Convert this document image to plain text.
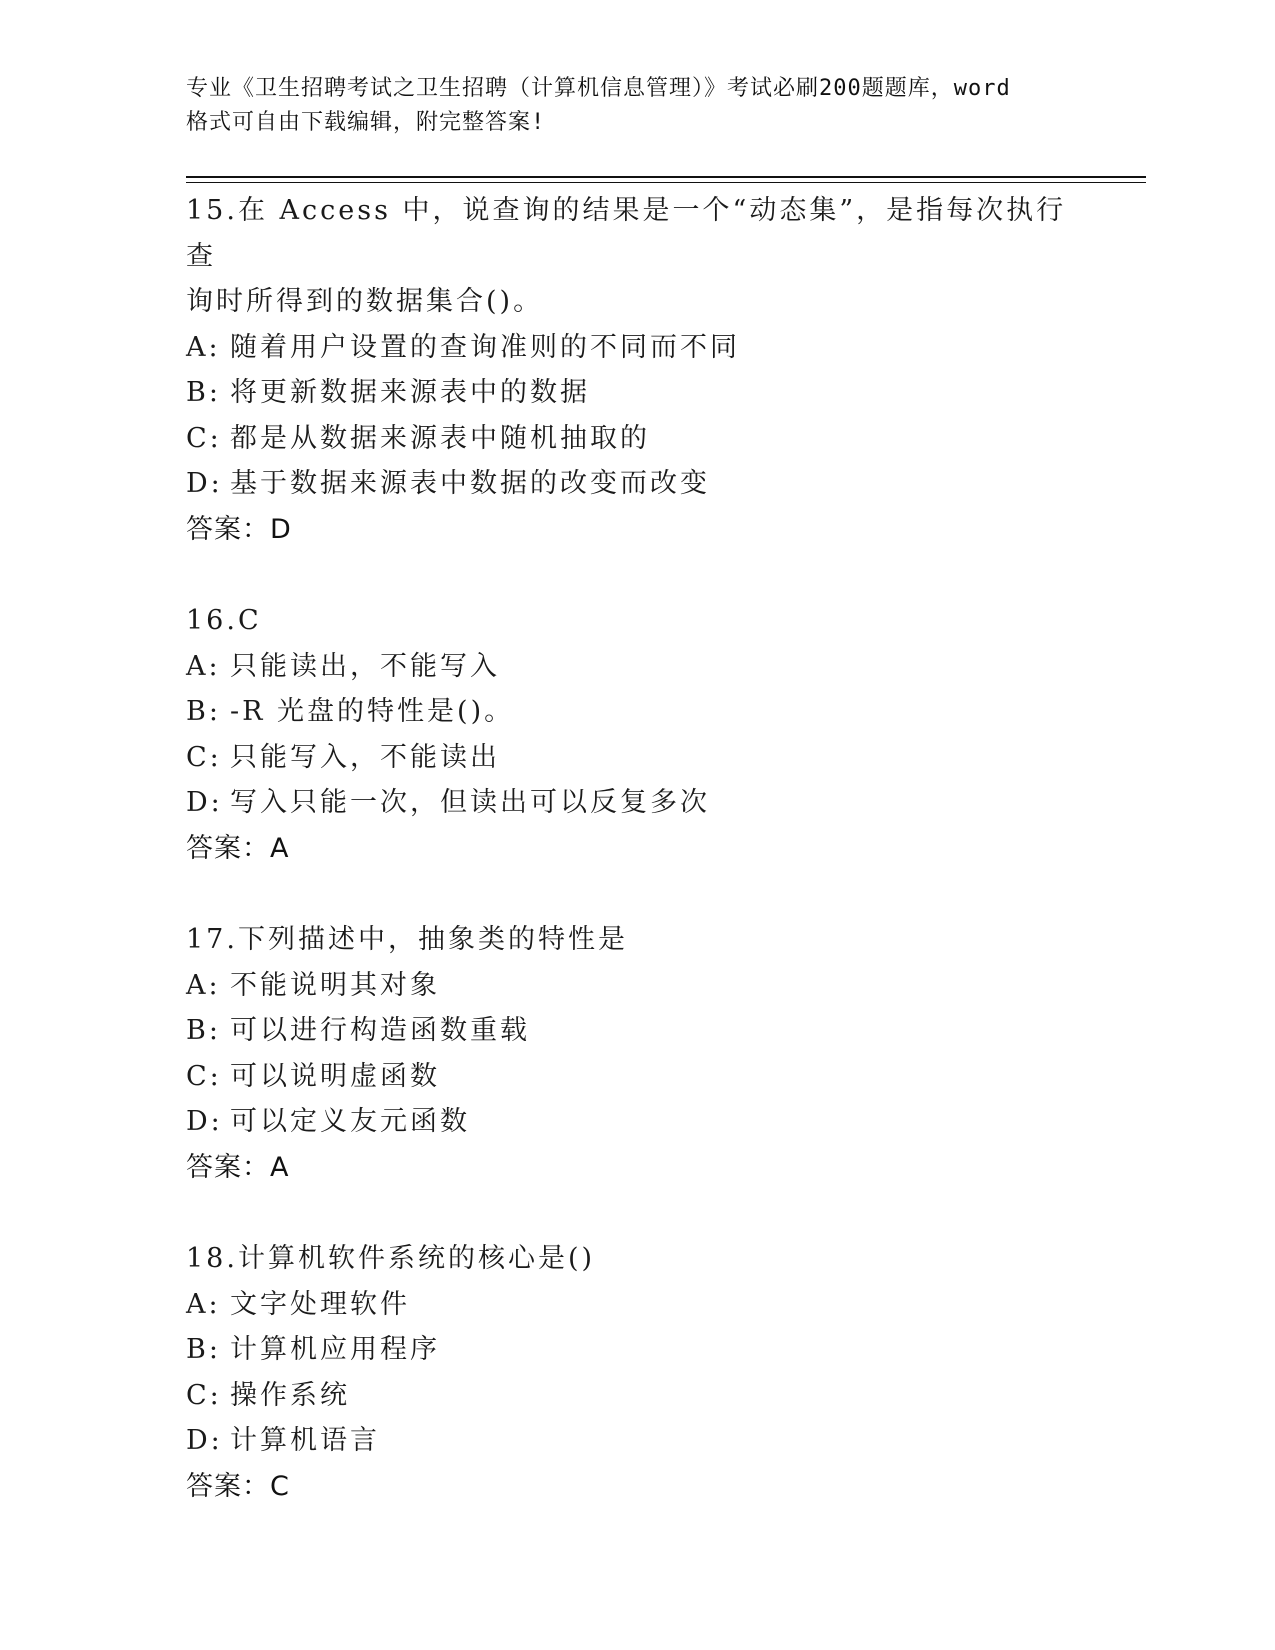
专业《卫生招聘考试之卫生招聘（计算机信息管理）》考试必刷200题题库，word
格式可自由下载编辑，附完整答案!
15.在 Access 中，说查询的结果是一个“动态集”，是指每次执行查
询时所得到的数据集合()。
A: 随着用户设置的查询准则的不同而不同
B: 将更新数据来源表中的数据
C: 都是从数据来源表中随机抽取的
D: 基于数据来源表中数据的改变而改变
答案：D
16.C
A: 只能读出，不能写入
B: -R 光盘的特性是()。
C: 只能写入，不能读出
D: 写入只能一次，但读出可以反复多次
答案：A
17.下列描述中，抽象类的特性是
A: 不能说明其对象
B: 可以进行构造函数重载
C: 可以说明虚函数
D: 可以定义友元函数
答案：A
18.计算机软件系统的核心是()
A: 文字处理软件
B: 计算机应用程序
C: 操作系统
D: 计算机语言
答案：C
